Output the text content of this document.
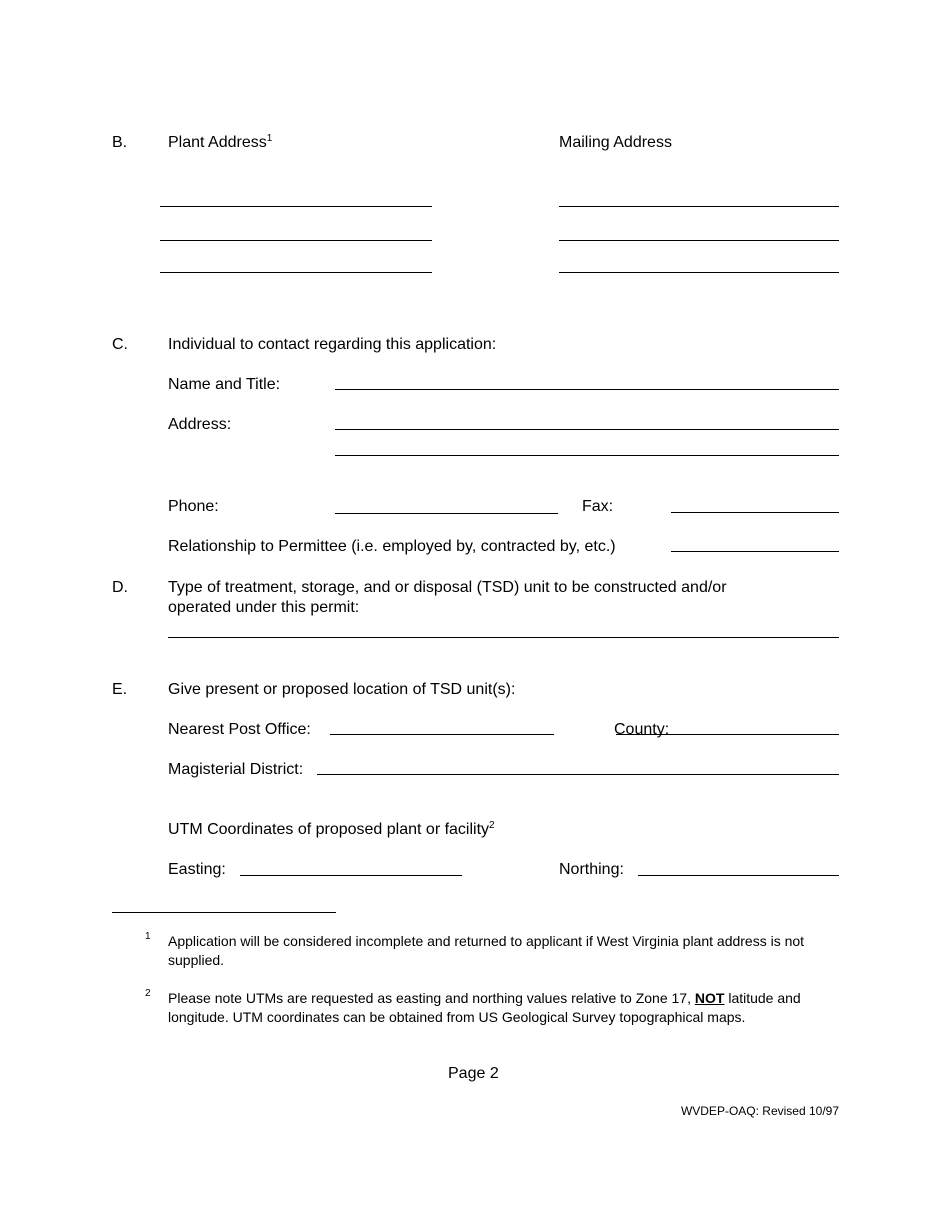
B.	Plant Address$^1$	Mailing Address
C.	Individual to contact regarding this application:
Name and Title:
Address:
Phone:	Fax:
Relationship to Permittee (i.e. employed by, contracted by, etc.)
D.	Type of treatment, storage, and or disposal (TSD) unit to be constructed and/or
operated under this permit:
E.	Give present or proposed location of TSD unit(s):
Nearest Post Office:	County:
Magisterial District:
UTM Coordinates of proposed plant or facility$^2$
Easting:	Northing:
1 Application will be considered incomplete and returned to applicant if West Virginia plant address is not supplied.
2 Please note UTMs are requested as easting and northing values relative to Zone 17, NOT latitude and longitude. UTM coordinates can be obtained from US Geological Survey topographical maps.
Page 2
WVDEP-OAQ: Revised 10/97
